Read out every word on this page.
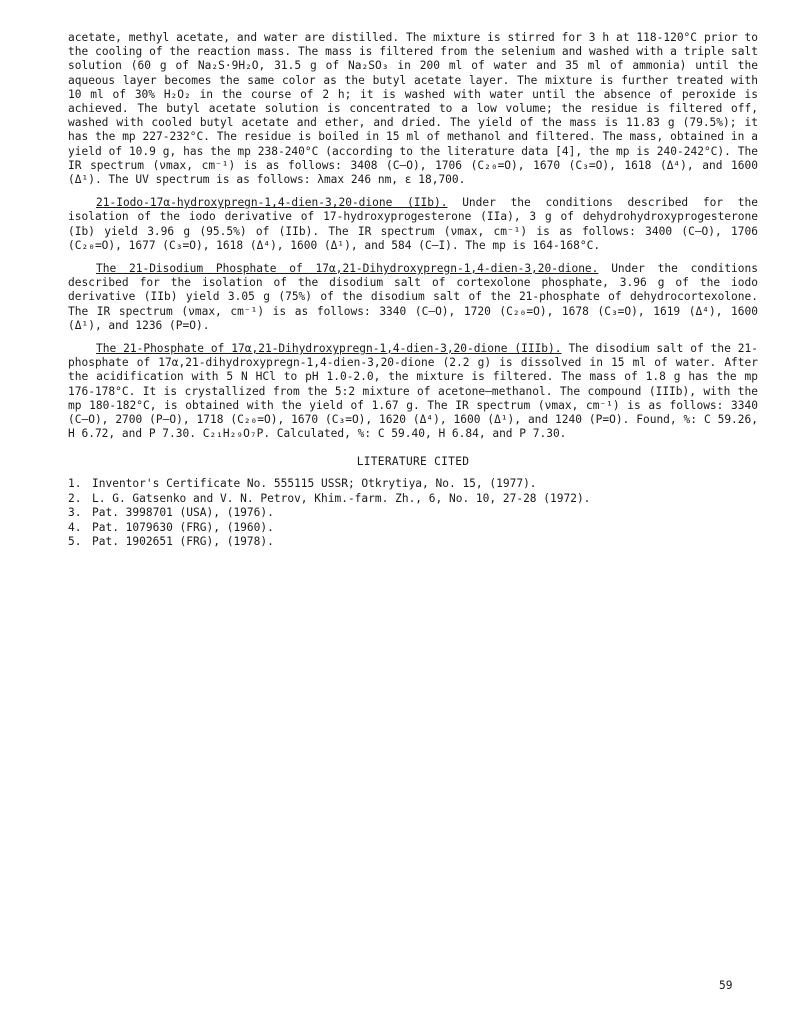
acetate, methyl acetate, and water are distilled. The mixture is stirred for 3 h at 118-120°C prior to the cooling of the reaction mass. The mass is filtered from the selenium and washed with a triple salt solution (60 g of Na₂S·9H₂O, 31.5 g of Na₂SO₃ in 200 ml of water and 35 ml of ammonia) until the aqueous layer becomes the same color as the butyl acetate layer. The mixture is further treated with 10 ml of 30% H₂O₂ in the course of 2 h; it is washed with water until the absence of peroxide is achieved. The butyl acetate solution is concentrated to a low volume; the residue is filtered off, washed with cooled butyl acetate and ether, and dried. The yield of the mass is 11.83 g (79.5%); it has the mp 227-232°C. The residue is boiled in 15 ml of methanol and filtered. The mass, obtained in a yield of 10.9 g, has the mp 238-240°C (according to the literature data [4], the mp is 240-242°C). The IR spectrum (νmax, cm⁻¹) is as follows: 3408 (C–O), 1706 (C₂₀=O), 1670 (C₃=O), 1618 (Δ⁴), and 1600 (Δ¹). The UV spectrum is as follows: λmax 246 nm, ε 18,700.

21-Iodo-17α-hydroxypregn-1,4-dien-3,20-dione (IIb). Under the conditions described for the isolation of the iodo derivative of 17-hydroxyprogesterone (IIa), 3 g of dehydrohydroxyprogesterone (Ib) yield 3.96 g (95.5%) of (IIb). The IR spectrum (νmax, cm⁻¹) is as follows: 3400 (C–O), 1706 (C₂₀=O), 1677 (C₃=O), 1618 (Δ⁴), 1600 (Δ¹), and 584 (C–I). The mp is 164-168°C.

The 21-Disodium Phosphate of 17α,21-Dihydroxypregn-1,4-dien-3,20-dione. Under the conditions described for the isolation of the disodium salt of cortexolone phosphate, 3.96 g of the iodo derivative (IIb) yield 3.05 g (75%) of the disodium salt of the 21-phosphate of dehydrocortexolone. The IR spectrum (νmax, cm⁻¹) is as follows: 3340 (C–O), 1720 (C₂₀=O), 1678 (C₃=O), 1619 (Δ⁴), 1600 (Δ¹), and 1236 (P=O).

The 21-Phosphate of 17α,21-Dihydroxypregn-1,4-dien-3,20-dione (IIIb). The disodium salt of the 21-phosphate of 17α,21-dihydroxypregn-1,4-dien-3,20-dione (2.2 g) is dissolved in 15 ml of water. After the acidification with 5 N HCl to pH 1.0-2.0, the mixture is filtered. The mass of 1.8 g has the mp 176-178°C. It is crystallized from the 5:2 mixture of acetone–methanol. The compound (IIIb), with the mp 180-182°C, is obtained with the yield of 1.67 g. The IR spectrum (νmax, cm⁻¹) is as follows: 3340 (C–O), 2700 (P–O), 1718 (C₂₀=O), 1670 (C₃=O), 1620 (Δ⁴), 1600 (Δ¹), and 1240 (P=O). Found, %: C 59.26, H 6.72, and P 7.30. C₂₁H₂₉O₇P. Calculated, %: C 59.40, H 6.84, and P 7.30.

LITERATURE CITED
1. Inventor's Certificate No. 555115 USSR; Otkrytiya, No. 15, (1977).
2. L. G. Gatsenko and V. N. Petrov, Khim.-farm. Zh., 6, No. 10, 27-28 (1972).
3. Pat. 3998701 (USA), (1976).
4. Pat. 1079630 (FRG), (1960).
5. Pat. 1902651 (FRG), (1978).
59
